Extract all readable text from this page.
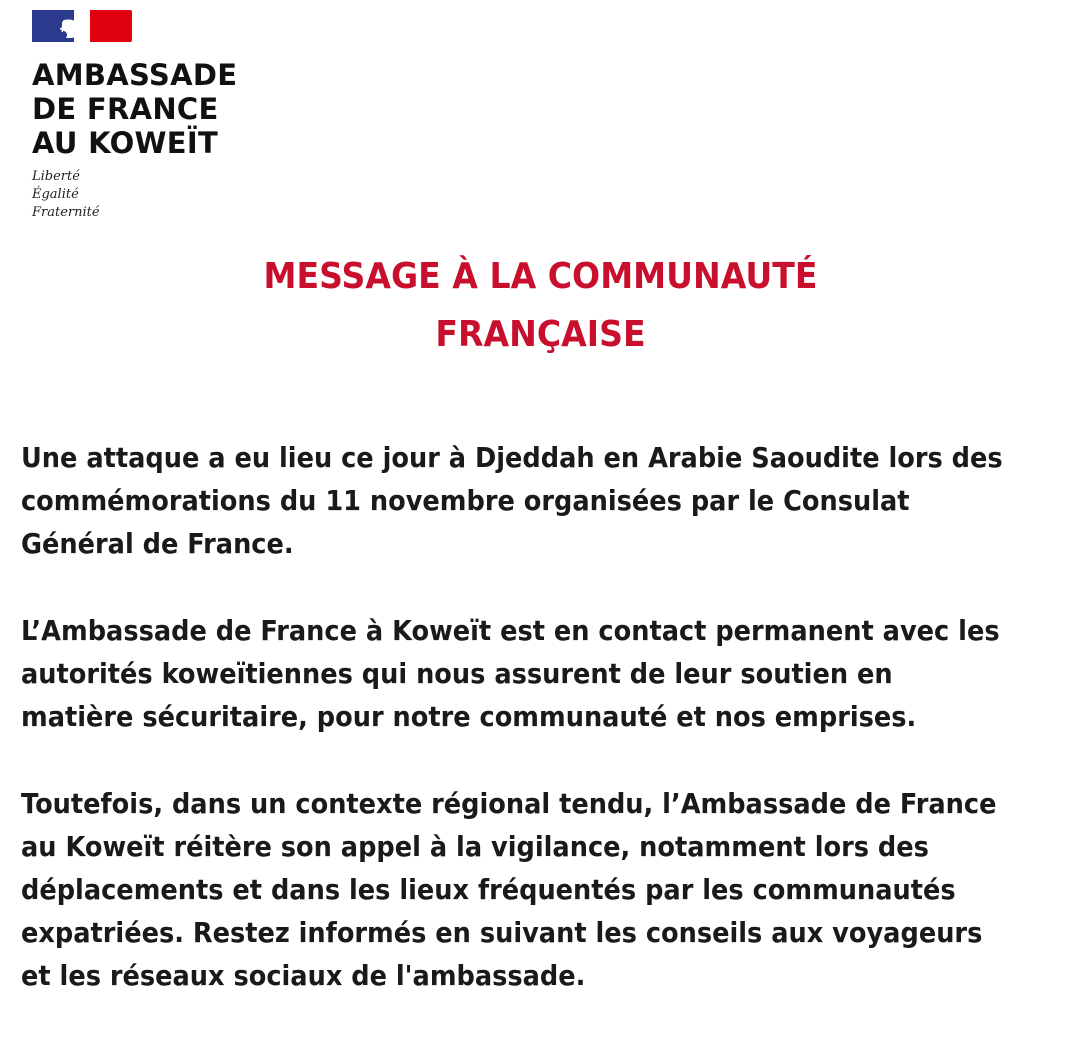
AMBASSADE
DE FRANCE
AU KOWEÏT
Liberté
Égalité
Fraternité
MESSAGE À LA COMMUNAUTÉ
FRANÇAISE

Une attaque a eu lieu ce jour à Djeddah en Arabie Saoudite lors des
commémorations du 11 novembre organisées par le Consulat
Général de France.

L’Ambassade de France à Koweït est en contact permanent avec les
autorités koweïtiennes qui nous assurent de leur soutien en
matière sécuritaire, pour notre communauté et nos emprises.

Toutefois, dans un contexte régional tendu, l’Ambassade de France
au Koweït réitère son appel à la vigilance, notamment lors des
déplacements et dans les lieux fréquentés par les communautés
expatriées. Restez informés en suivant les conseils aux voyageurs
et les réseaux sociaux de l'ambassade.
